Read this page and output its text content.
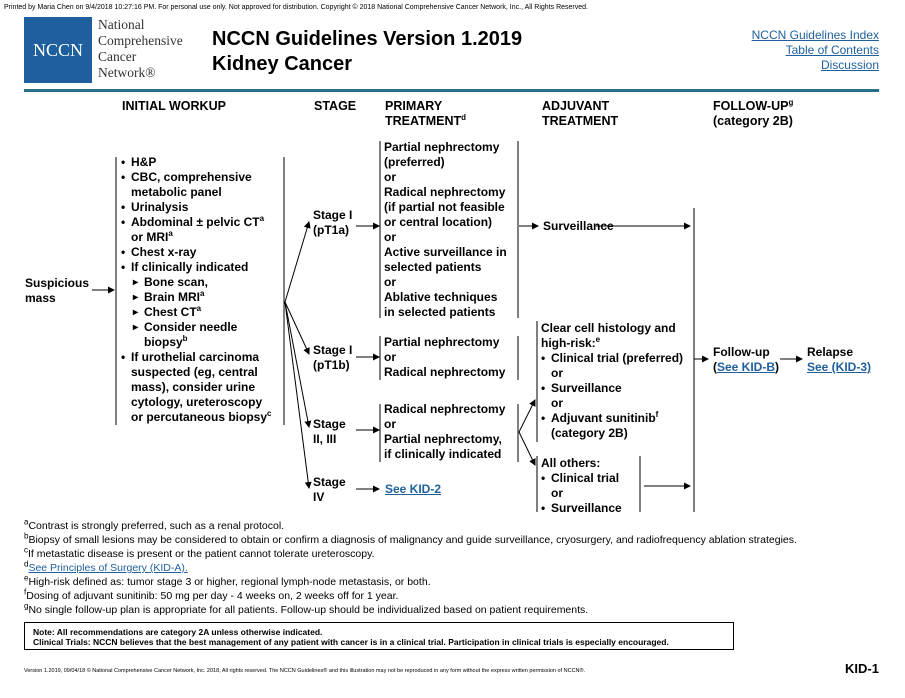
Printed by Maria Chen on 9/4/2018 10:27:16 PM. For personal use only. Not approved for distribution. Copyright © 2018 National Comprehensive Cancer Network, Inc., All Rights Reserved.
NCCN
National
Comprehensive
Cancer
Network®
NCCN Guidelines Version 1.2019
Kidney Cancer
NCCN Guidelines Index
Table of Contents
Discussion
INITIAL WORKUP	STAGE PRIMARY
TREATMENT$^d$
ADJUVANT
TREATMENT
FOLLOW-$UP^g$
(category 2B)
Suspicious
mass
• H&P
• CBC, comprehensive
metabolic panel
• Urinalysis
• Abdominal ± pelvic $CT^a$
or MRI$^a$
• Chest x-ray
• If clinically indicated
▸ Bone scan,
▸ Brain MRI$^a$
▸ Chest $CT^a$
▸ Consider needle
biopsy$^b$
• If urothelial carcinoma
suspected (eg, central
mass), consider urine
cytology, ureteroscopy
or percutaneous biopsy$^c$
Stage I
(pT1a)
Stage I
(pT1b)
Stage
II, III
Stage
IV
Partial nephrectomy
(preferred)
or
Radical nephrectomy
(if partial not feasible
or central location)
or
Active surveillance in
selected patients
or
Ablative techniques
in selected patients
Partial nephrectomy
or
Radical nephrectomy
Radical nephrectomy
or
Partial nephrectomy,
if clinically indicated
See KID-2
Surveillance
Clear cell histology and
high-risk:$^e$
• Clinical trial (preferred)
or
• Surveillance
or
• Adjuvant sunitinib$^f$
(category 2B)
All others:
• Clinical trial
or
• Surveillance
Follow-up
(See KID-B)
Relapse
See (KID-3)
$^a$Contrast is strongly preferred, such as a renal protocol.
$^b$Biopsy of small lesions may be considered to obtain or confirm a diagnosis of malignancy and guide surveillance, cryosurgery, and radiofrequency ablation strategies.
$^c$If metastatic disease is present or the patient cannot tolerate ureteroscopy.
$^d$See Principles of Surgery (KID-A).
$^e$High-risk defined as: tumor stage 3 or higher, regional lymph-node metastasis, or both.
$^f$Dosing of adjuvant sunitinib: 50 mg per day - 4 weeks on, 2 weeks off for 1 year.
$^g$No single follow-up plan is appropriate for all patients. Follow-up should be individualized based on patient requirements.
Note: All recommendations are category 2A unless otherwise indicated.
Clinical Trials: NCCN believes that the best management of any patient with cancer is in a clinical trial. Participation in clinical trials is especially encouraged.
Version 1.2019, 09/04/18 © National Comprehensive Cancer Network, Inc. 2018, All rights reserved. The NCCN Guidelines® and this illustration may not be reproduced in any form without the express written permission of NCCN®.	KID-1
